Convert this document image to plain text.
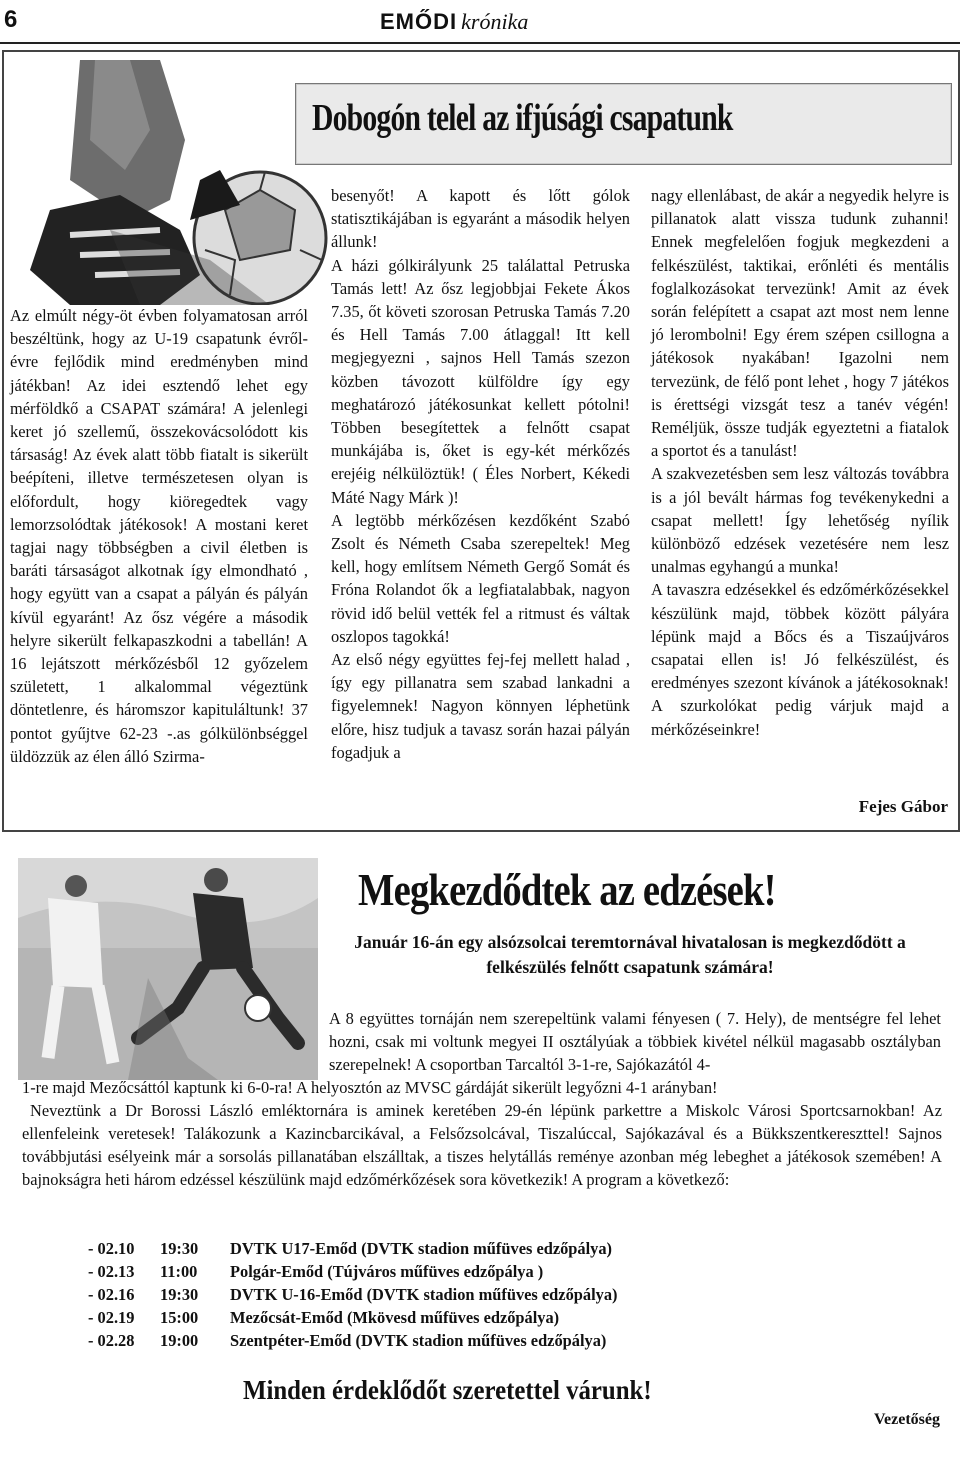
6	EMŐDI krónika
Dobogón telel az ifjúsági csapatunk

Az elmúlt négy-öt évben folyamatosan arról beszéltünk, hogy az U-19 csapatunk évről-évre fejlődik mind eredményben mind játékban! Az idei esztendő lehet egy mérföldkő a CSAPAT számára! A jelenlegi keret jó szellemű, összekovácsolódott kis társaság! Az évek alatt több fiatalt is sikerült beépíteni, illetve természetesen olyan is előfordult, hogy kiöregedtek vagy lemorzsolódtak játékosok! A mostani keret tagjai nagy többségben a civil életben is baráti társaságot alkotnak így elmondható , hogy együtt van a csapat a pályán és pályán kívül egyaránt! Az ősz végére a második helyre sikerült felkapaszkodni a tabellán! A 16 lejátszott mérkőzésből 12 győzelem született, 1 alkalommal végeztünk döntetlenre, és háromszor kapituláltunk! 37 pontot gyűjtve 62-23 -.as gólkülönbséggel üldözzük az élen álló Szirma-

besenyőt! A kapott és lőtt gólok statisztikájában is egyaránt a második helyen állunk!

A házi gólkirályunk 25 találattal Petruska Tamás lett! Az ősz legjobbjai Fekete Ákos 7.35, őt követi szorosan Petruska Tamás 7.20 és Hell Tamás 7.00 átlaggal! Itt kell megjegyezni , sajnos Hell Tamás szezon közben távozott külföldre így egy meghatározó játékosunkat kellett pótolni! Többen besegítettek a felnőtt csapat munkájába is, őket is egy-két mérkőzés erejéig nélkülöztük! ( Éles Norbert, Kékedi Máté Nagy Márk )!

A legtöbb mérkőzésen kezdőként Szabó Zsolt és Németh Csaba szerepeltek! Meg kell, hogy említsem Németh Gergő Somát és Fróna Rolandot ők a legfiatalabbak, nagyon rövid idő belül vették fel a ritmust és váltak oszlopos tagokká!

Az első négy együttes fej-fej mellett halad , így egy pillanatra sem szabad lankadni a figyelemnek! Nagyon könnyen léphetünk előre, hisz tudjuk a tavasz során hazai pályán fogadjuk a

nagy ellenlábast, de akár a negyedik helyre is pillanatok alatt vissza tudunk zuhanni! Ennek megfelelően fogjuk megkezdeni a felkészülést, taktikai, erőnléti és mentális foglalkozásokat tervezünk! Amit az évek során felépített a csapat azt most nem lenne jó lerombolni! Egy érem szépen csillogna a játékosok nyakában! Igazolni nem tervezünk, de félő pont lehet , hogy 7 játékos is érettségi vizsgát tesz a tanév végén! Reméljük, össze tudják egyeztetni a fiatalok a sportot és a tanulást!

A szakvezetésben sem lesz változás továbbra is a jól bevált hármas fog tevékenykedni a csapat mellett! Így lehetőség nyílik különböző edzések vezetésére nem lesz unalmas egyhangú a munka!

A tavaszra edzésekkel és edzőmérkőzésekkel készülünk majd, többek között pályára lépünk majd a Bőcs és a Tiszaújváros csapatai ellen is! Jó felkészülést, és eredményes szezont kívánok a játékosoknak! A szurkolókat pedig várjuk majd a mérkőzéseinkre!

Fejes Gábor
Megkezdődtek az edzések!
Január 16-án egy alsózsolcai teremtornával hivatalosan is megkezdődött a felkészülés felnőtt csapatunk számára!
A 8 együttes tornáján nem szerepeltünk valami fényesen ( 7. Hely), de mentségre fel lehet hozni, csak mi voltunk megyei II osztályúak a többiek kivétel nélkül magasabb osztályban szerepelnek! A csoportban Tarcaltól 3-1-re, Sajókazától 4-

1-re majd Mezőcsáttól kaptunk ki 6-0-ra! A helyosztón az MVSC gárdáját sikerült legyőzni 4-1 arányban!

Neveztünk a Dr Borossi László emléktornára is aminek keretében 29-én lépünk parkettre a Miskolc Városi Sportcsarnokban! Az ellenfeleink veretesek! Talákozunk a Kazincbarcikával, a Felsőzsolcával, Tiszalúccal, Sajókazával és a Bükkszentkereszttel! Sajnos továbbjutási esélyeink már a sorsolás pillanatában elszálltak, a tiszes helytállás reménye azonban még lebeghet a játékosok szemében! A bajnokságra heti három edzéssel készülünk majd edzőmérkőzések sora következik! A program a következő:

- 02.10	19:30	DVTK U17-Emőd (DVTK stadion műfüves edzőpálya)
- 02.13	11:00	Polgár-Emőd (Tújváros műfüves edzőpálya )
- 02.16	19:30	DVTK U-16-Emőd (DVTK stadion műfüves edzőpálya)
- 02.19	15:00	Mezőcsát-Emőd (Mkövesd műfüves edzőpálya)
- 02.28	19:00	Szentpéter-Emőd (DVTK stadion műfüves edzőpálya)
Minden érdeklődőt szeretettel várunk!
Vezetőség
